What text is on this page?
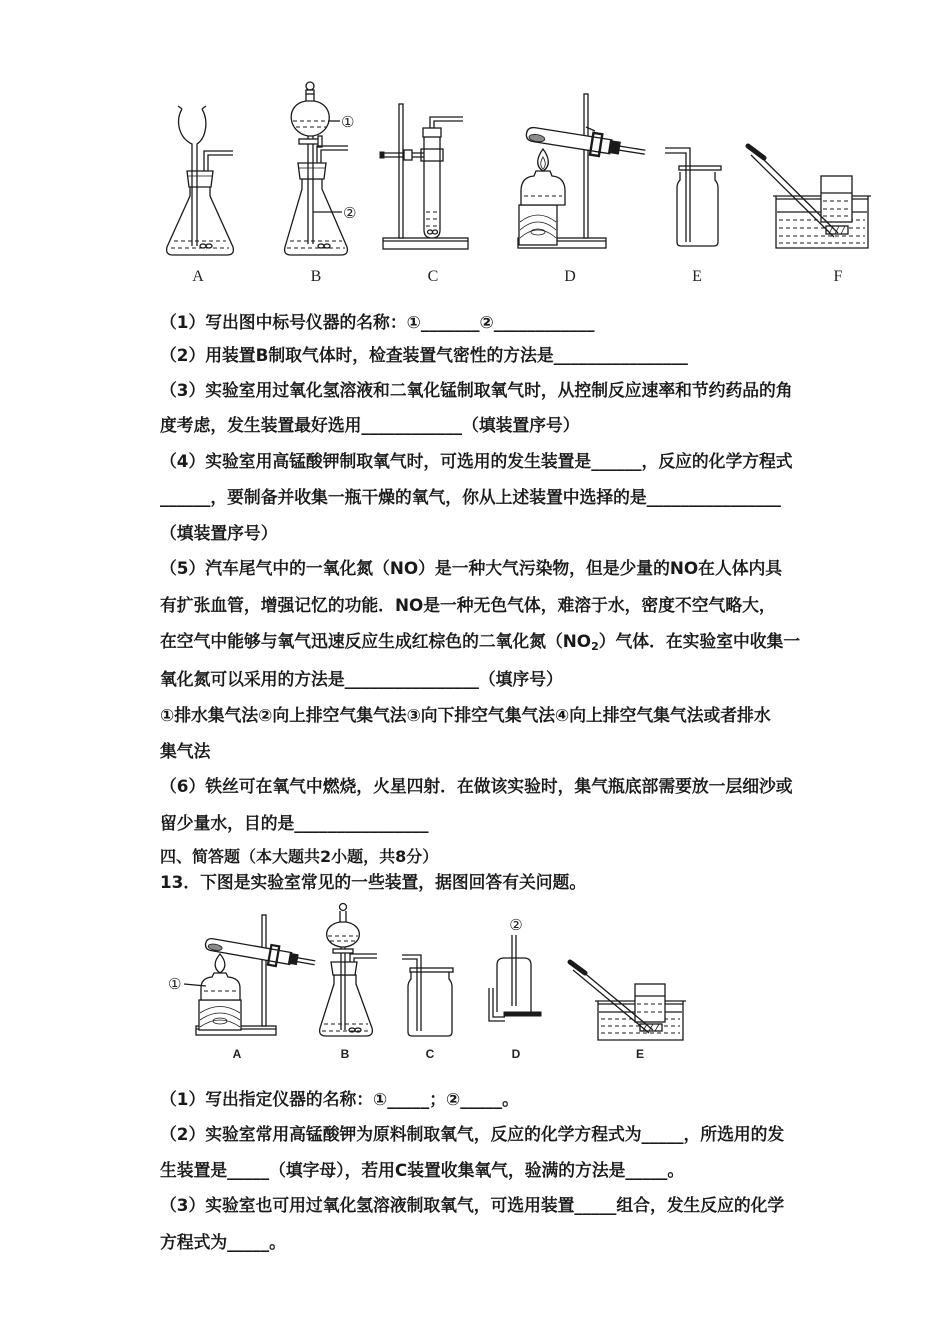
A
①
②
B	C	D	E	F
（1）写出图中标号仪器的名称：①_______②____________
（2）用装置B制取气体时，检查装置气密性的方法是________________
（3）实验室用过氧化氢溶液和二氧化锰制取氧气时，从控制反应速率和节约药品的角
度考虑，发生装置最好选用____________（填装置序号）
（4）实验室用高锰酸钾制取氧气时，可选用的发生装置是______，反应的化学方程式
______，要制备并收集一瓶干燥的氧气，你从上述装置中选择的是________________
（填装置序号）
（5）汽车尾气中的一氧化氮（NO）是一种大气污染物，但是少量的NO在人体内具
有扩张血管，增强记忆的功能．NO是一种无色气体，难溶于水，密度不空气略大，
在空气中能够与氧气迅速反应生成红棕色的二氧化氮$(NO_2)$气体．在实验室中收集一
氧化氮可以采用的方法是________________（填序号）
①排水集气法②向上排空气集气法③向下排空气集气法④向上排空气集气法或者排水
集气法
（6）铁丝可在氧气中燃烧，火星四射．在做该实验时，集气瓶底部需要放一层细沙或
留少量水，目的是________________
四、简答题（本大题共2小题，共8分）
13．下图是实验室常见的一些装置，据图回答有关问题。
①
A	B	C
②
D	E
（1）写出指定仪器的名称：①_____；②_____。
（2）实验室常用高锰酸钾为原料制取氧气，反应的化学方程式为_____，所选用的发
生装置是_____（填字母），若用C装置收集氧气，验满的方法是_____。
（3）实验室也可用过氧化氢溶液制取氧气，可选用装置_____组合，发生反应的化学
方程式为_____。
